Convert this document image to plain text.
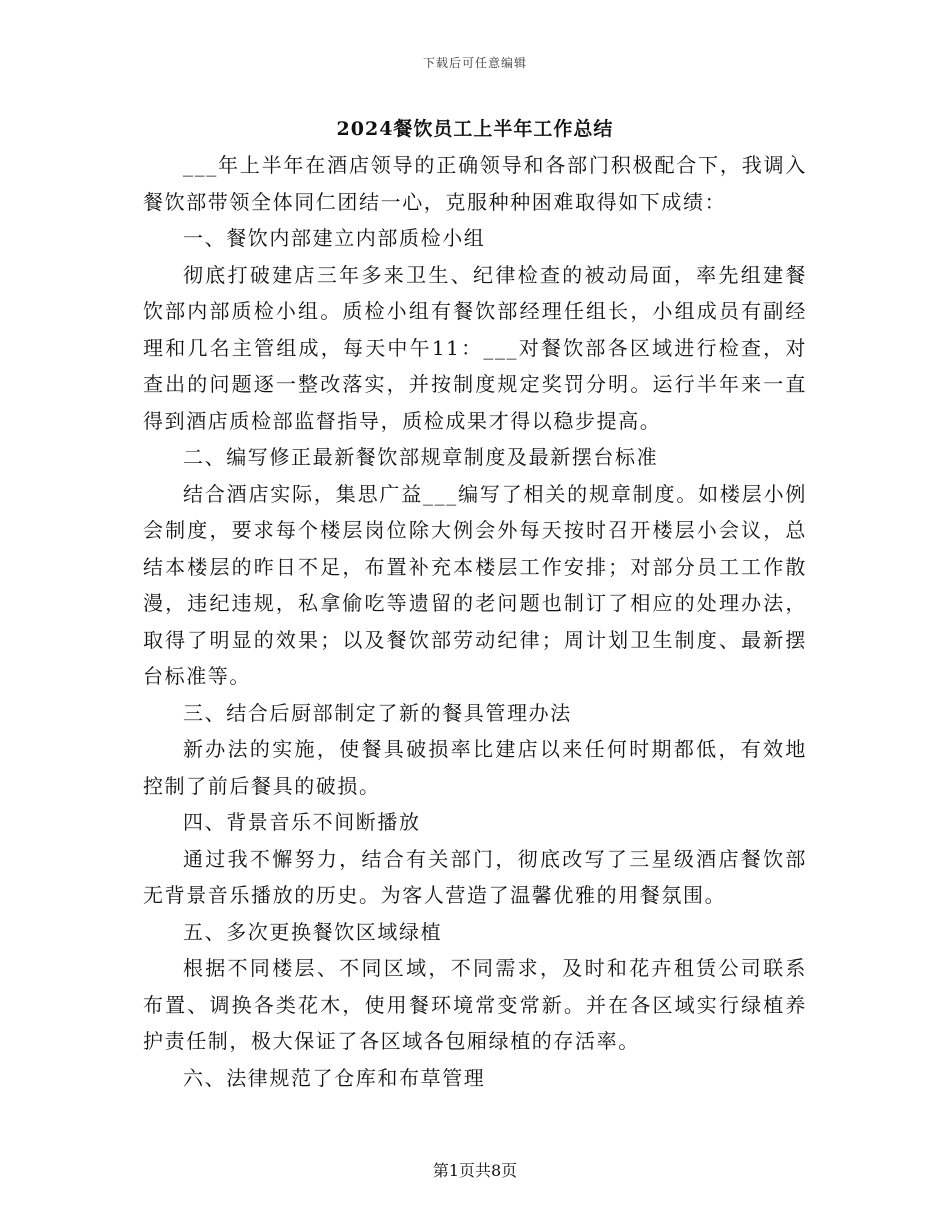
下载后可任意编辑
2024餐饮员工上半年工作总结

___年上半年在酒店领导的正确领导和各部门积极配合下，我调入餐饮部带领全体同仁团结一心，克服种种困难取得如下成绩：

一、餐饮内部建立内部质检小组

彻底打破建店三年多来卫生、纪律检查的被动局面，率先组建餐饮部内部质检小组。质检小组有餐饮部经理任组长，小组成员有副经理和几名主管组成，每天中午11：___对餐饮部各区域进行检查，对查出的问题逐一整改落实，并按制度规定奖罚分明。运行半年来一直得到酒店质检部监督指导，质检成果才得以稳步提高。

二、编写修正最新餐饮部规章制度及最新摆台标准

结合酒店实际，集思广益___编写了相关的规章制度。如楼层小例会制度，要求每个楼层岗位除大例会外每天按时召开楼层小会议，总结本楼层的昨日不足，布置补充本楼层工作安排；对部分员工工作散漫，违纪违规，私拿偷吃等遗留的老问题也制订了相应的处理办法，取得了明显的效果；以及餐饮部劳动纪律；周计划卫生制度、最新摆台标准等。

三、结合后厨部制定了新的餐具管理办法

新办法的实施，使餐具破损率比建店以来任何时期都低，有效地控制了前后餐具的破损。

四、背景音乐不间断播放

通过我不懈努力，结合有关部门，彻底改写了三星级酒店餐饮部无背景音乐播放的历史。为客人营造了温馨优雅的用餐氛围。

五、多次更换餐饮区域绿植

根据不同楼层、不同区域，不同需求，及时和花卉租赁公司联系布置、调换各类花木，使用餐环境常变常新。并在各区域实行绿植养护责任制，极大保证了各区域各包厢绿植的存活率。

六、法律规范了仓库和布草管理

第1页共8页
